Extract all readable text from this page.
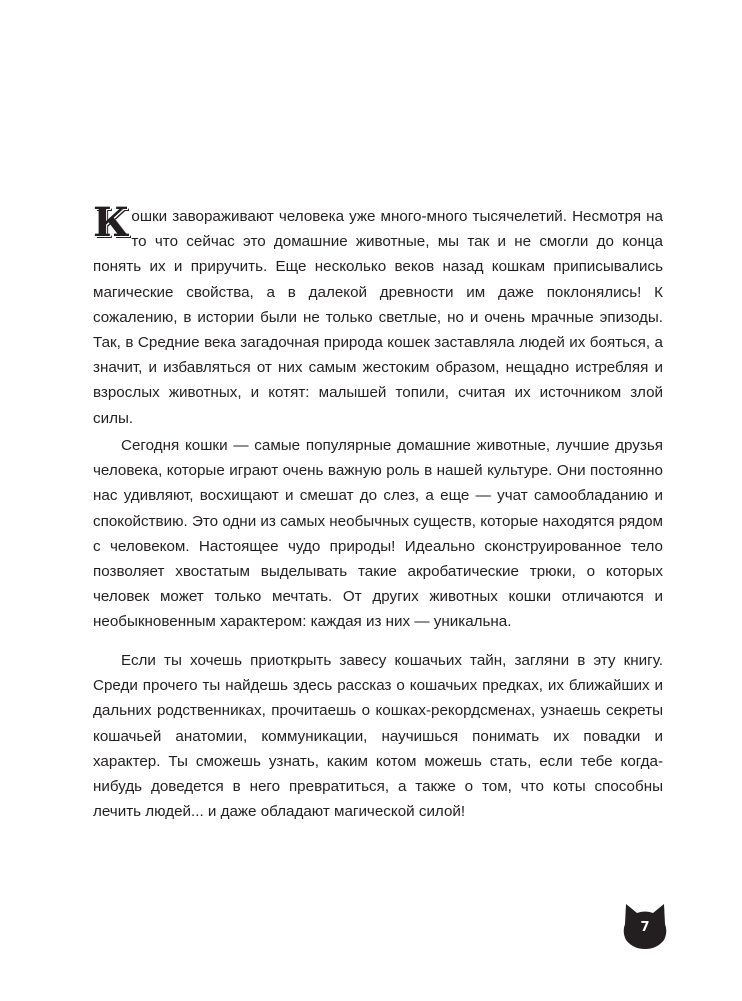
Кошки завораживают человека уже много-много тысячелетий. Несмотря на то что сейчас это домашние животные, мы так и не смогли до конца понять их и приручить. Еще несколько веков назад кошкам приписывались магические свойства, а в далекой древности им даже поклонялись! К сожалению, в истории были не только светлые, но и очень мрачные эпизоды. Так, в Средние века загадочная природа кошек заставляла людей их бояться, а значит, и избавляться от них самым жестоким образом, нещадно истребляя и взрослых животных, и котят: малышей топили, считая их источником злой силы.

Сегодня кошки — самые популярные домашние животные, лучшие друзья человека, которые играют очень важную роль в нашей культуре. Они постоянно нас удивляют, восхищают и смешат до слез, а еще — учат самообладанию и спокойствию. Это одни из самых необычных существ, которые находятся рядом с человеком. Настоящее чудо природы! Идеально сконструированное тело позволяет хвостатым выделывать такие акробатические трюки, о которых человек может только мечтать. От других животных кошки отличаются и необыкновенным характером: каждая из них — уникальна.

Если ты хочешь приоткрыть завесу кошачьих тайн, загляни в эту книгу. Среди прочего ты найдешь здесь рассказ о кошачьих предках, их ближайших и дальних родственниках, прочитаешь о кошках-рекордсменах, узнаешь секреты кошачьей анатомии, коммуникации, научишься понимать их повадки и характер. Ты сможешь узнать, каким котом можешь стать, если тебе когда-нибудь доведется в него превратиться, а также о том, что коты способны лечить людей... и даже обладают магической силой!

7
